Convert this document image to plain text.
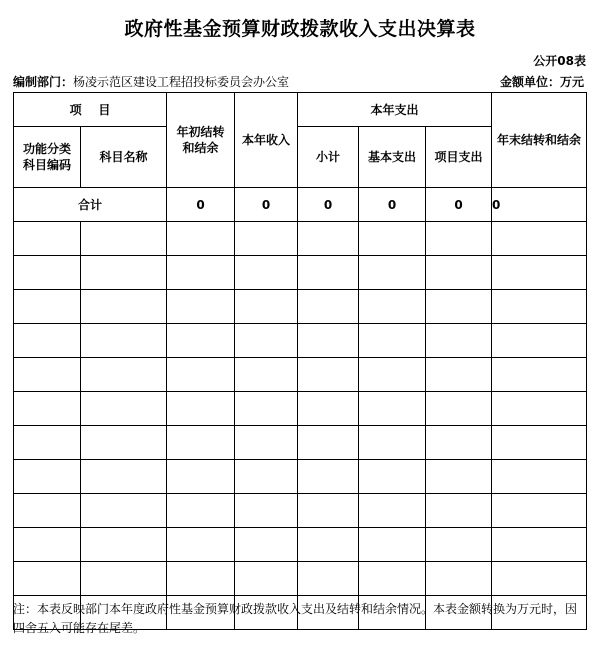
政府性基金预算财政拨款收入支出决算表
公开08表
编制部门：杨凌示范区建设工程招投标委员会办公室	金额单位：万元
项    目		年初结转和结余	本年收入	本年支出			年末结转和结余
功能分类科目编码	科目名称			小计	基本支出	项目支出	
合计		0	0	0	0	0	0

注：本表反映部门本年度政府性基金预算财政拨款收入支出及结转和结余情况。本表金额转换为万元时，因四舍五入可能存在尾差。
